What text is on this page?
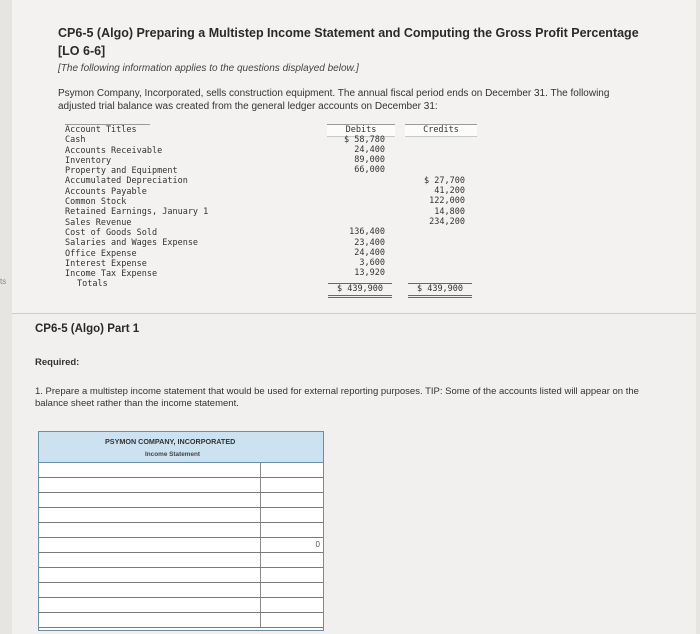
ts
CP6-5 (Algo) Preparing a Multistep Income Statement and Computing the Gross Profit Percentage [LO 6-6]
[The following information applies to the questions displayed below.]
Psymon Company, Incorporated, sells construction equipment. The annual fiscal period ends on December 31. The following adjusted trial balance was created from the general ledger accounts on December 31:
Account Titles
Cash
Accounts Receivable
Inventory
Property and Equipment
Accumulated Depreciation
Accounts Payable
Common Stock
Retained Earnings, January 1
Sales Revenue
Cost of Goods Sold
Salaries and Wages Expense
Office Expense
Interest Expense
Income Tax Expense
Totals
Debits	Credits
$ 58,780
24,400
89,000
66,000
$ 27,700
41,200
122,000
14,800
234,200
136,400
23,400
24,400
3,600
13,920
$ 439,900	$ 439,900
CP6-5 (Algo) Part 1
Required:
1. Prepare a multistep income statement that would be used for external reporting purposes. TIP: Some of the accounts listed will appear on the balance sheet rather than the income statement.
PSYMON COMPANY, INCORPORATED
Income Statement
0
